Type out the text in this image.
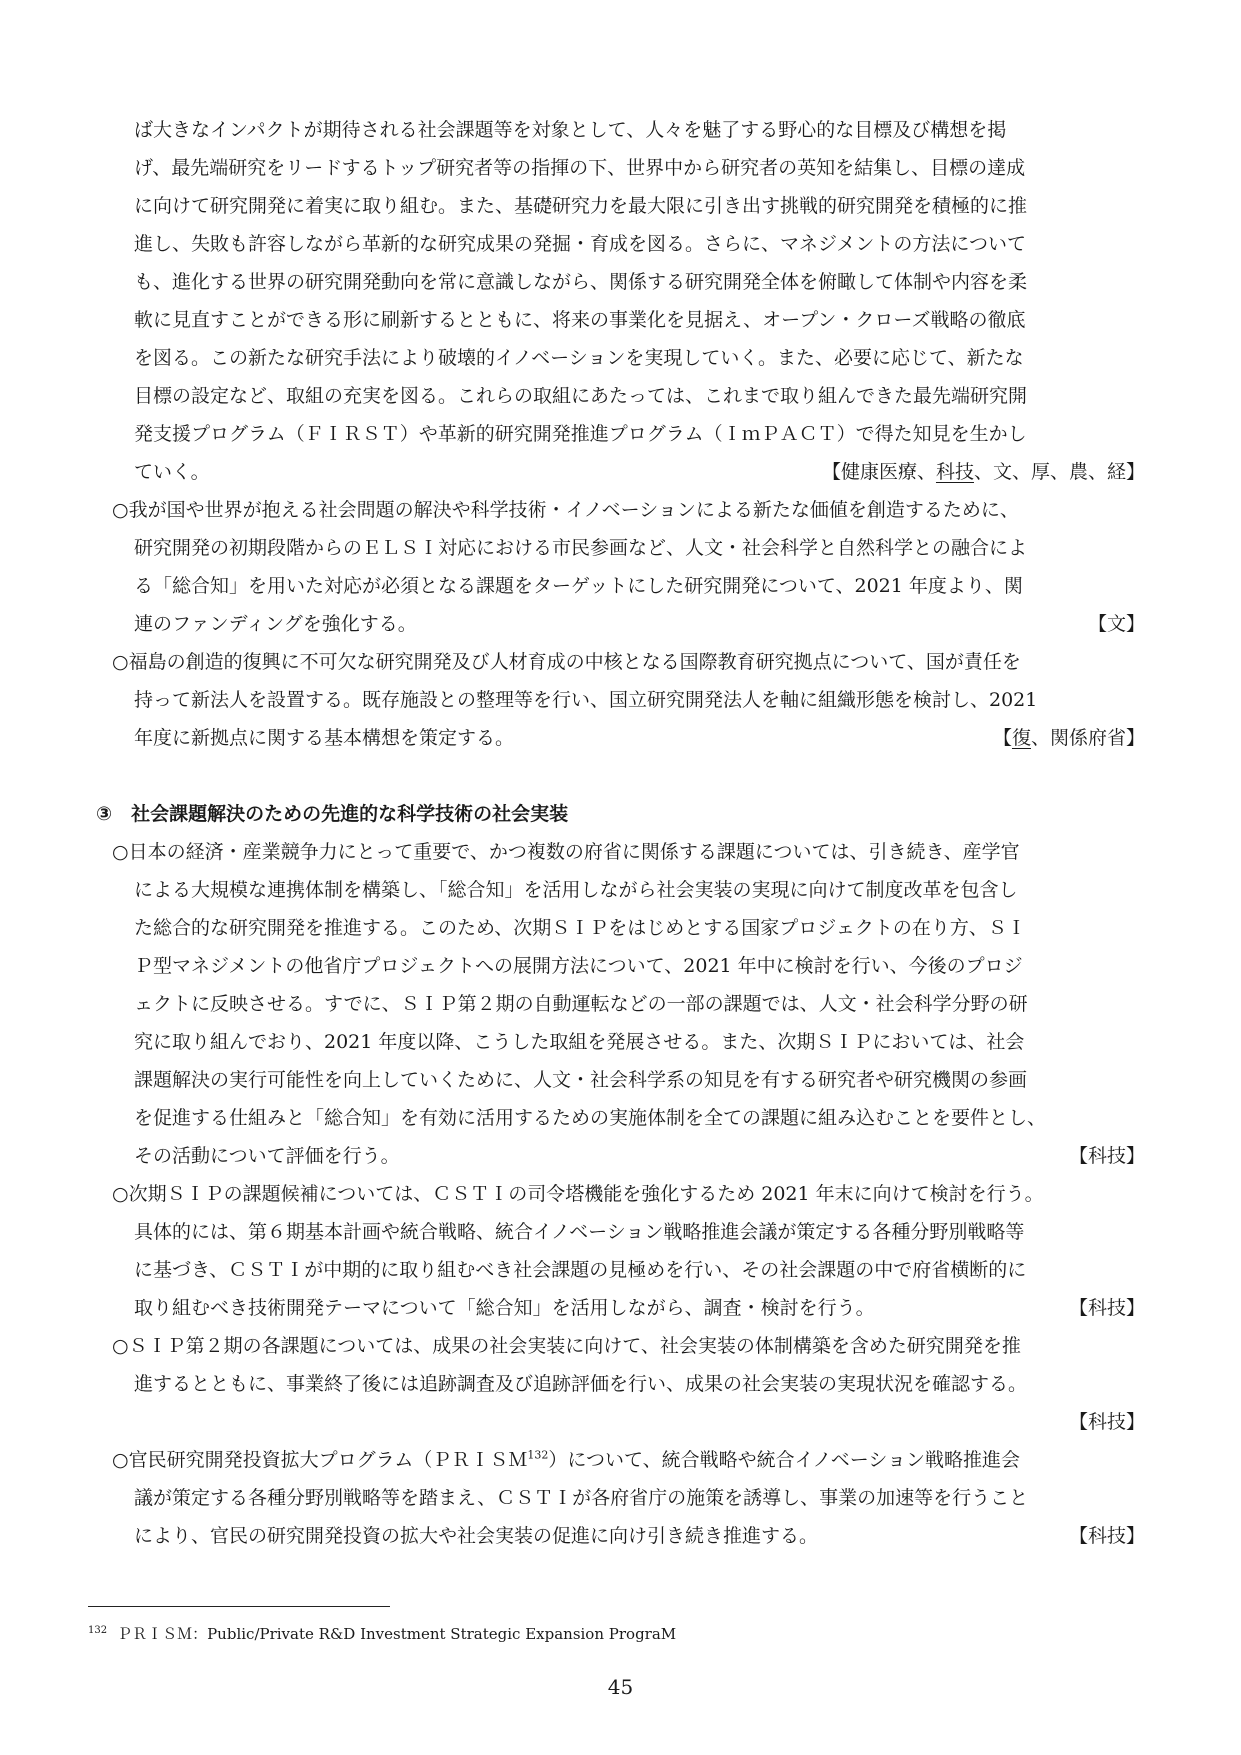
ば大きなインパクトが期待される社会課題等を対象として、人々を魅了する野心的な目標及び構想を掲
げ、最先端研究をリードするトップ研究者等の指揮の下、世界中から研究者の英知を結集し、目標の達成
に向けて研究開発に着実に取り組む。また、基礎研究力を最大限に引き出す挑戦的研究開発を積極的に推
進し、失敗も許容しながら革新的な研究成果の発掘・育成を図る。さらに、マネジメントの方法について
も、進化する世界の研究開発動向を常に意識しながら、関係する研究開発全体を俯瞰して体制や内容を柔
軟に見直すことができる形に刷新するとともに、将来の事業化を見据え、オープン・クローズ戦略の徹底
を図る。この新たな研究手法により破壊的イノベーションを実現していく。また、必要に応じて、新たな
目標の設定など、取組の充実を図る。これらの取組にあたっては、これまで取り組んできた最先端研究開
発支援プログラム（ＦＩＲＳＴ）や革新的研究開発推進プログラム（ＩｍＰＡＣＴ）で得た知見を生かし
ていく。	【健康医療、科技、文、厚、農、経】
○我が国や世界が抱える社会問題の解決や科学技術・イノベーションによる新たな価値を創造するために、
研究開発の初期段階からのＥＬＳＩ対応における市民参画など、人文・社会科学と自然科学との融合によ
る「総合知」を用いた対応が必須となる課題をターゲットにした研究開発について、2021 年度より、関
連のファンディングを強化する。	【文】
○福島の創造的復興に不可欠な研究開発及び人材育成の中核となる国際教育研究拠点について、国が責任を
持って新法人を設置する。既存施設との整理等を行い、国立研究開発法人を軸に組織形態を検討し、2021
年度に新拠点に関する基本構想を策定する。	【復、関係府省】
③　社会課題解決のための先進的な科学技術の社会実装
○日本の経済・産業競争力にとって重要で、かつ複数の府省に関係する課題については、引き続き、産学官
による大規模な連携体制を構築し、「総合知」を活用しながら社会実装の実現に向けて制度改革を包含し
た総合的な研究開発を推進する。このため、次期ＳＩＰをはじめとする国家プロジェクトの在り方、ＳＩ
Ｐ型マネジメントの他省庁プロジェクトへの展開方法について、2021 年中に検討を行い、今後のプロジ
ェクトに反映させる。すでに、ＳＩＰ第２期の自動運転などの一部の課題では、人文・社会科学分野の研
究に取り組んでおり、2021 年度以降、こうした取組を発展させる。また、次期ＳＩＰにおいては、社会
課題解決の実行可能性を向上していくために、人文・社会科学系の知見を有する研究者や研究機関の参画
を促進する仕組みと「総合知」を有効に活用するための実施体制を全ての課題に組み込むことを要件とし、
その活動について評価を行う。	【科技】
○次期ＳＩＰの課題候補については、ＣＳＴＩの司令塔機能を強化するため 2021 年末に向けて検討を行う。
具体的には、第６期基本計画や統合戦略、統合イノベーション戦略推進会議が策定する各種分野別戦略等
に基づき、ＣＳＴＩが中期的に取り組むべき社会課題の見極めを行い、その社会課題の中で府省横断的に
取り組むべき技術開発テーマについて「総合知」を活用しながら、調査・検討を行う。	【科技】
○ＳＩＰ第２期の各課題については、成果の社会実装に向けて、社会実装の体制構築を含めた研究開発を推
進するとともに、事業終了後には追跡調査及び追跡評価を行い、成果の社会実装の実現状況を確認する。
【科技】
○官民研究開発投資拡大プログラム（ＰＲＩＳＭ$^{132}$）について、統合戦略や統合イノベーション戦略推進会
議が策定する各種分野別戦略等を踏まえ、ＣＳＴＩが各府省庁の施策を誘導し、事業の加速等を行うこと
により、官民の研究開発投資の拡大や社会実装の促進に向け引き続き推進する。	【科技】
$^{132}$ ＰＲＩＳＭ：Public/Private R&D Investment Strategic Expansion PrograM
45
